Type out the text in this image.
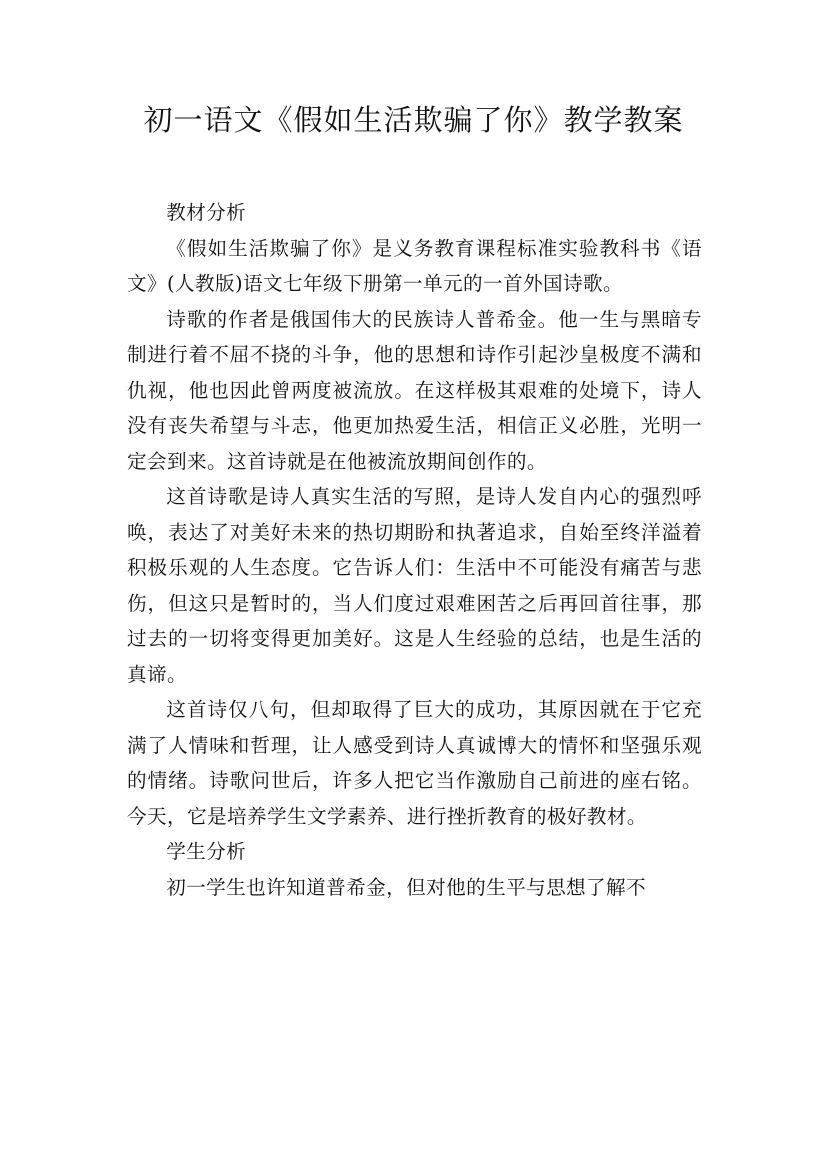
初一语文《假如生活欺骗了你》教学教案

教材分析

《假如生活欺骗了你》是义务教育课程标准实验教科书《语文》(人教版)语文七年级下册第一单元的一首外国诗歌。

诗歌的作者是俄国伟大的民族诗人普希金。他一生与黑暗专制进行着不屈不挠的斗争，他的思想和诗作引起沙皇极度不满和仇视，他也因此曾两度被流放。在这样极其艰难的处境下，诗人没有丧失希望与斗志，他更加热爱生活，相信正义必胜，光明一定会到来。这首诗就是在他被流放期间创作的。

这首诗歌是诗人真实生活的写照，是诗人发自内心的强烈呼唤，表达了对美好未来的热切期盼和执著追求，自始至终洋溢着积极乐观的人生态度。它告诉人们：生活中不可能没有痛苦与悲伤，但这只是暂时的，当人们度过艰难困苦之后再回首往事，那过去的一切将变得更加美好。这是人生经验的总结，也是生活的真谛。

这首诗仅八句，但却取得了巨大的成功，其原因就在于它充满了人情味和哲理，让人感受到诗人真诚博大的情怀和坚强乐观的情绪。诗歌问世后，许多人把它当作激励自己前进的座右铭。今天，它是培养学生文学素养、进行挫折教育的极好教材。

学生分析

初一学生也许知道普希金，但对他的生平与思想了解不
